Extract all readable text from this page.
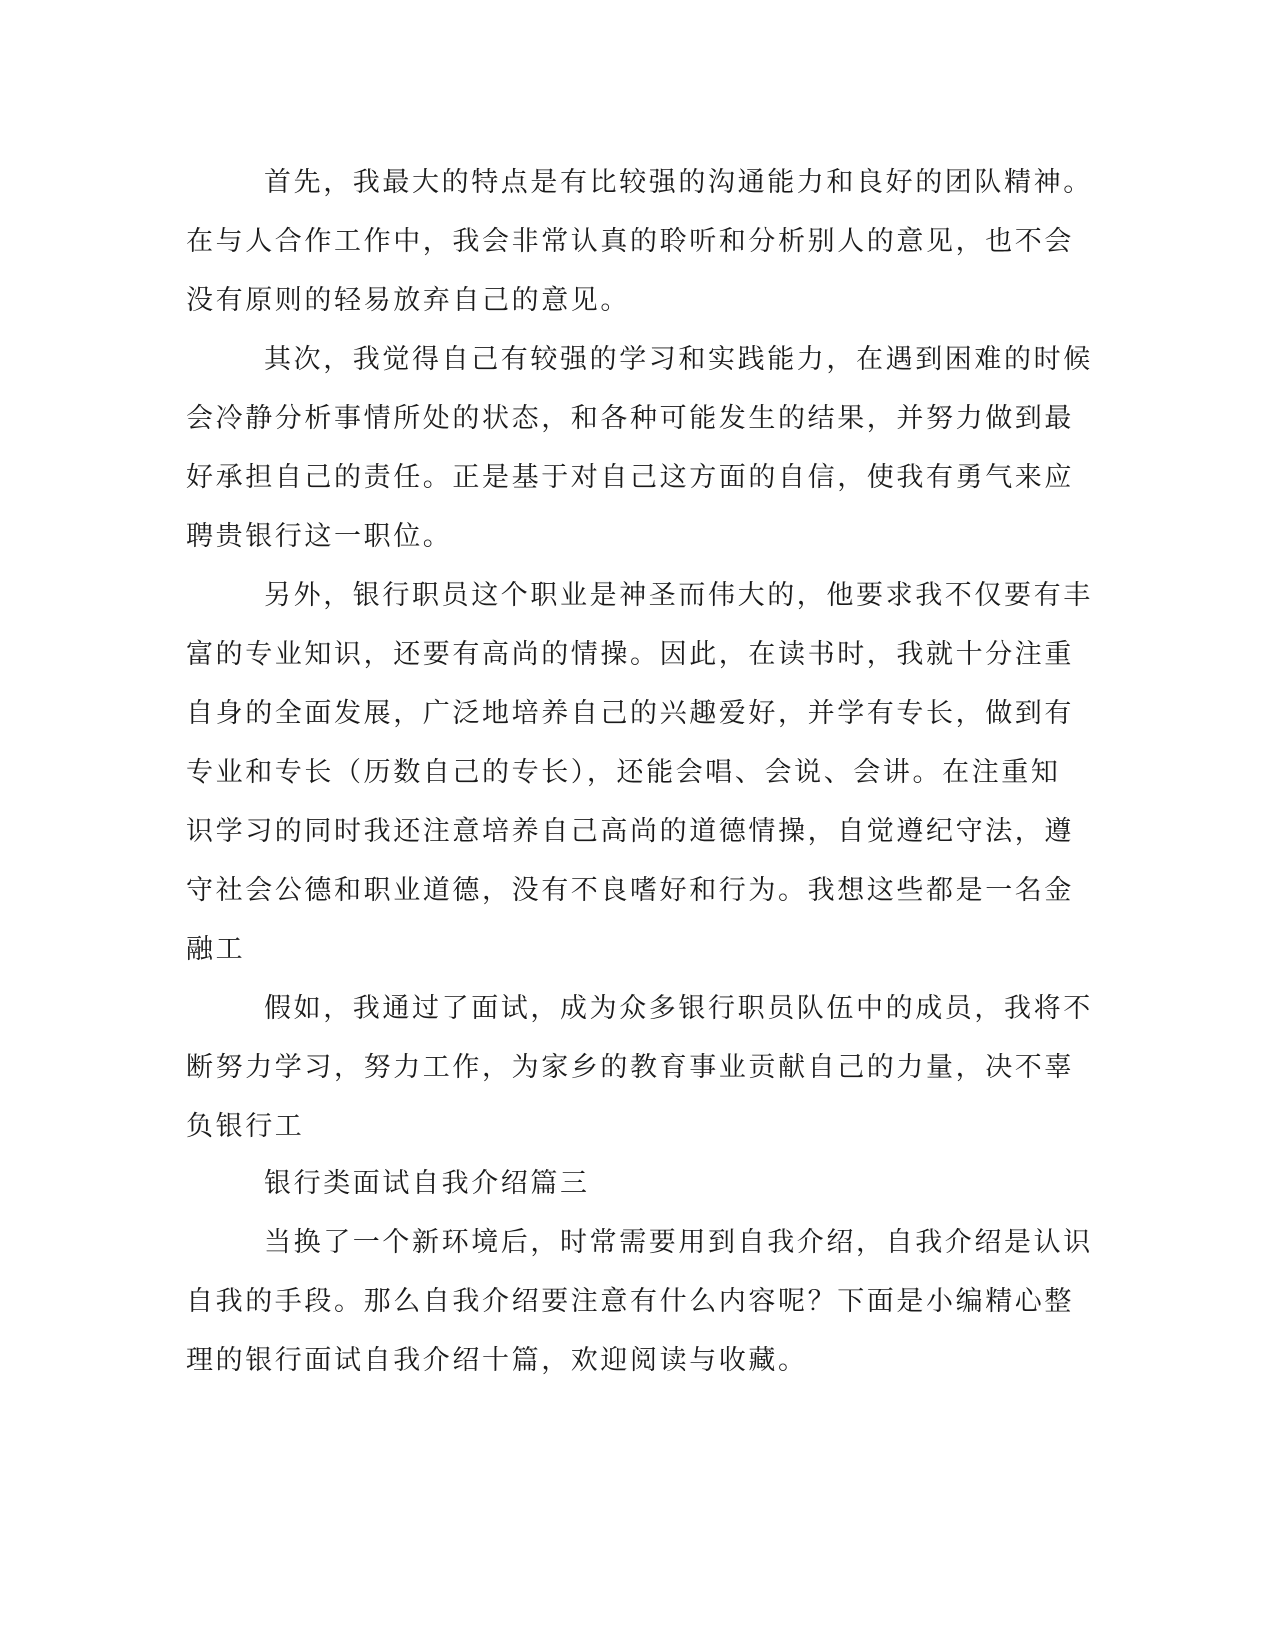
首先，我最大的特点是有比较强的沟通能力和良好的团队精神。
在与人合作工作中，我会非常认真的聆听和分析别人的意见，也不会
没有原则的轻易放弃自己的意见。
其次，我觉得自己有较强的学习和实践能力，在遇到困难的时候
会冷静分析事情所处的状态，和各种可能发生的结果，并努力做到最
好承担自己的责任。正是基于对自己这方面的自信，使我有勇气来应
聘贵银行这一职位。
另外，银行职员这个职业是神圣而伟大的，他要求我不仅要有丰
富的专业知识，还要有高尚的情操。因此，在读书时，我就十分注重
自身的全面发展，广泛地培养自己的兴趣爱好，并学有专长，做到有
专业和专长（历数自己的专长），还能会唱、会说、会讲。在注重知
识学习的同时我还注意培养自己高尚的道德情操，自觉遵纪守法，遵
守社会公德和职业道德，没有不良嗜好和行为。我想这些都是一名金
融工
假如，我通过了面试，成为众多银行职员队伍中的成员，我将不
断努力学习，努力工作，为家乡的教育事业贡献自己的力量，决不辜
负银行工
银行类面试自我介绍篇三
当换了一个新环境后，时常需要用到自我介绍，自我介绍是认识
自我的手段。那么自我介绍要注意有什么内容呢？下面是小编精心整
理的银行面试自我介绍十篇，欢迎阅读与收藏。
